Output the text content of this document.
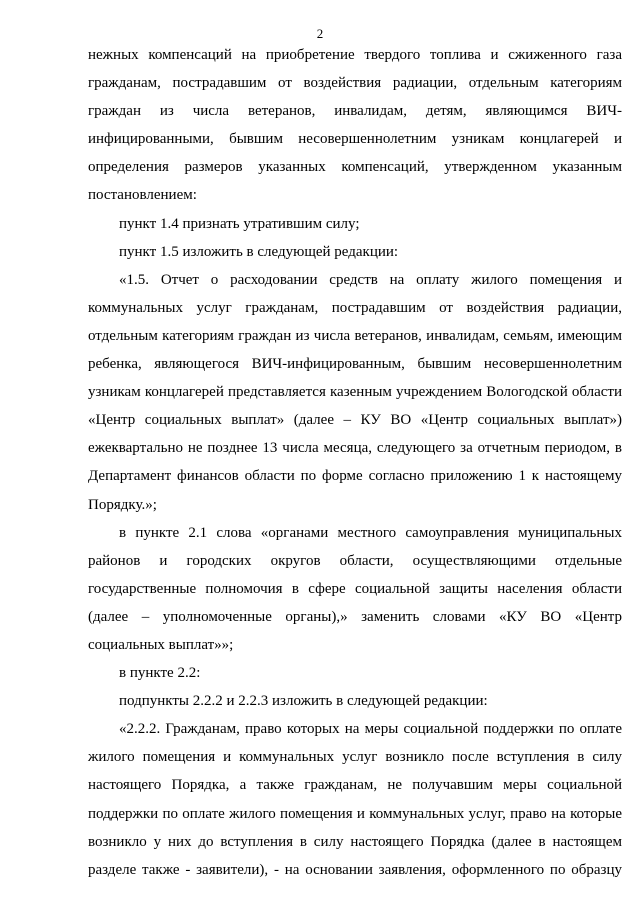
2

нежных компенсаций на приобретение твердого топлива и сжиженного газа гражданам, пострадавшим от воздействия радиации, отдельным категориям граждан из числа ветеранов, инвалидам, детям, являющимся ВИЧ-инфицированными, бывшим несовершеннолетним узникам концлагерей и определения размеров указанных компенсаций, утвержденном указанным постановлением:

пункт 1.4 признать утратившим силу;

пункт 1.5 изложить в следующей редакции:

«1.5. Отчет о расходовании средств на оплату жилого помещения и коммунальных услуг гражданам, пострадавшим от воздействия радиации, отдельным категориям граждан из числа ветеранов, инвалидам, семьям, имеющим ребенка, являющегося ВИЧ-инфицированным, бывшим несовершеннолетним узникам концлагерей представляется казенным учреждением Вологодской области «Центр социальных выплат» (далее – КУ ВО «Центр социальных выплат») ежеквартально не позднее 13 числа месяца, следующего за отчетным периодом, в Департамент финансов области по форме согласно приложению 1 к настоящему Порядку.»;

в пункте 2.1 слова «органами местного самоуправления муниципальных районов и городских округов области, осуществляющими отдельные государственные полномочия в сфере социальной защиты населения области (далее – уполномоченные органы),» заменить словами «КУ ВО «Центр социальных выплат»»;

в пункте 2.2:

подпункты 2.2.2 и 2.2.3 изложить в следующей редакции:

«2.2.2. Гражданам, право которых на меры социальной поддержки по оплате жилого помещения и коммунальных услуг возникло после вступления в силу настоящего Порядка, а также гражданам, не получавшим меры социальной поддержки по оплате жилого помещения и коммунальных услуг, право на которые возникло у них до вступления в силу настоящего Порядка (далее в настоящем разделе также - заявители), - на основании заявления, оформленного по образцу
